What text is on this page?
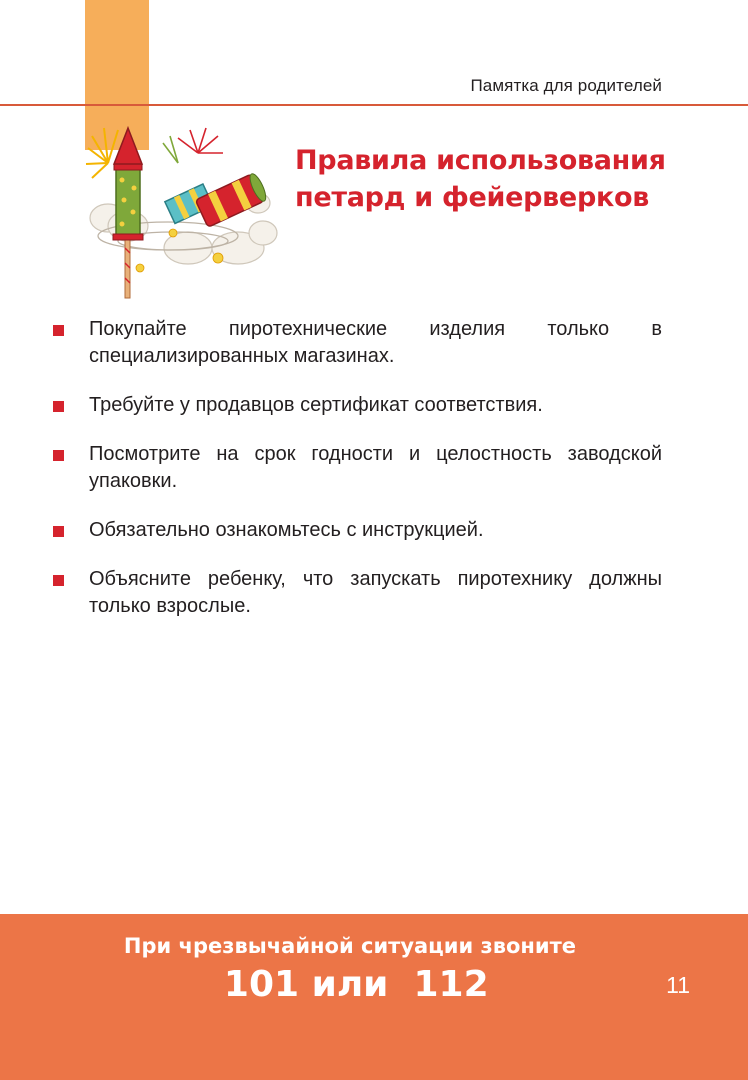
Памятка для родителей
Правила использования
петард и фейерверков
Покупайте пиротехнические изделия только в специализированных магазинах.
Требуйте у продавцов сертификат соответствия.
Посмотрите на срок годности и целостность заводской упаковки.
Обязательно ознакомьтесь с инструкцией.
Объясните ребенку, что запускать пиротехнику должны только взрослые.
При чрезвычайной ситуации звоните
101 или  112	11
